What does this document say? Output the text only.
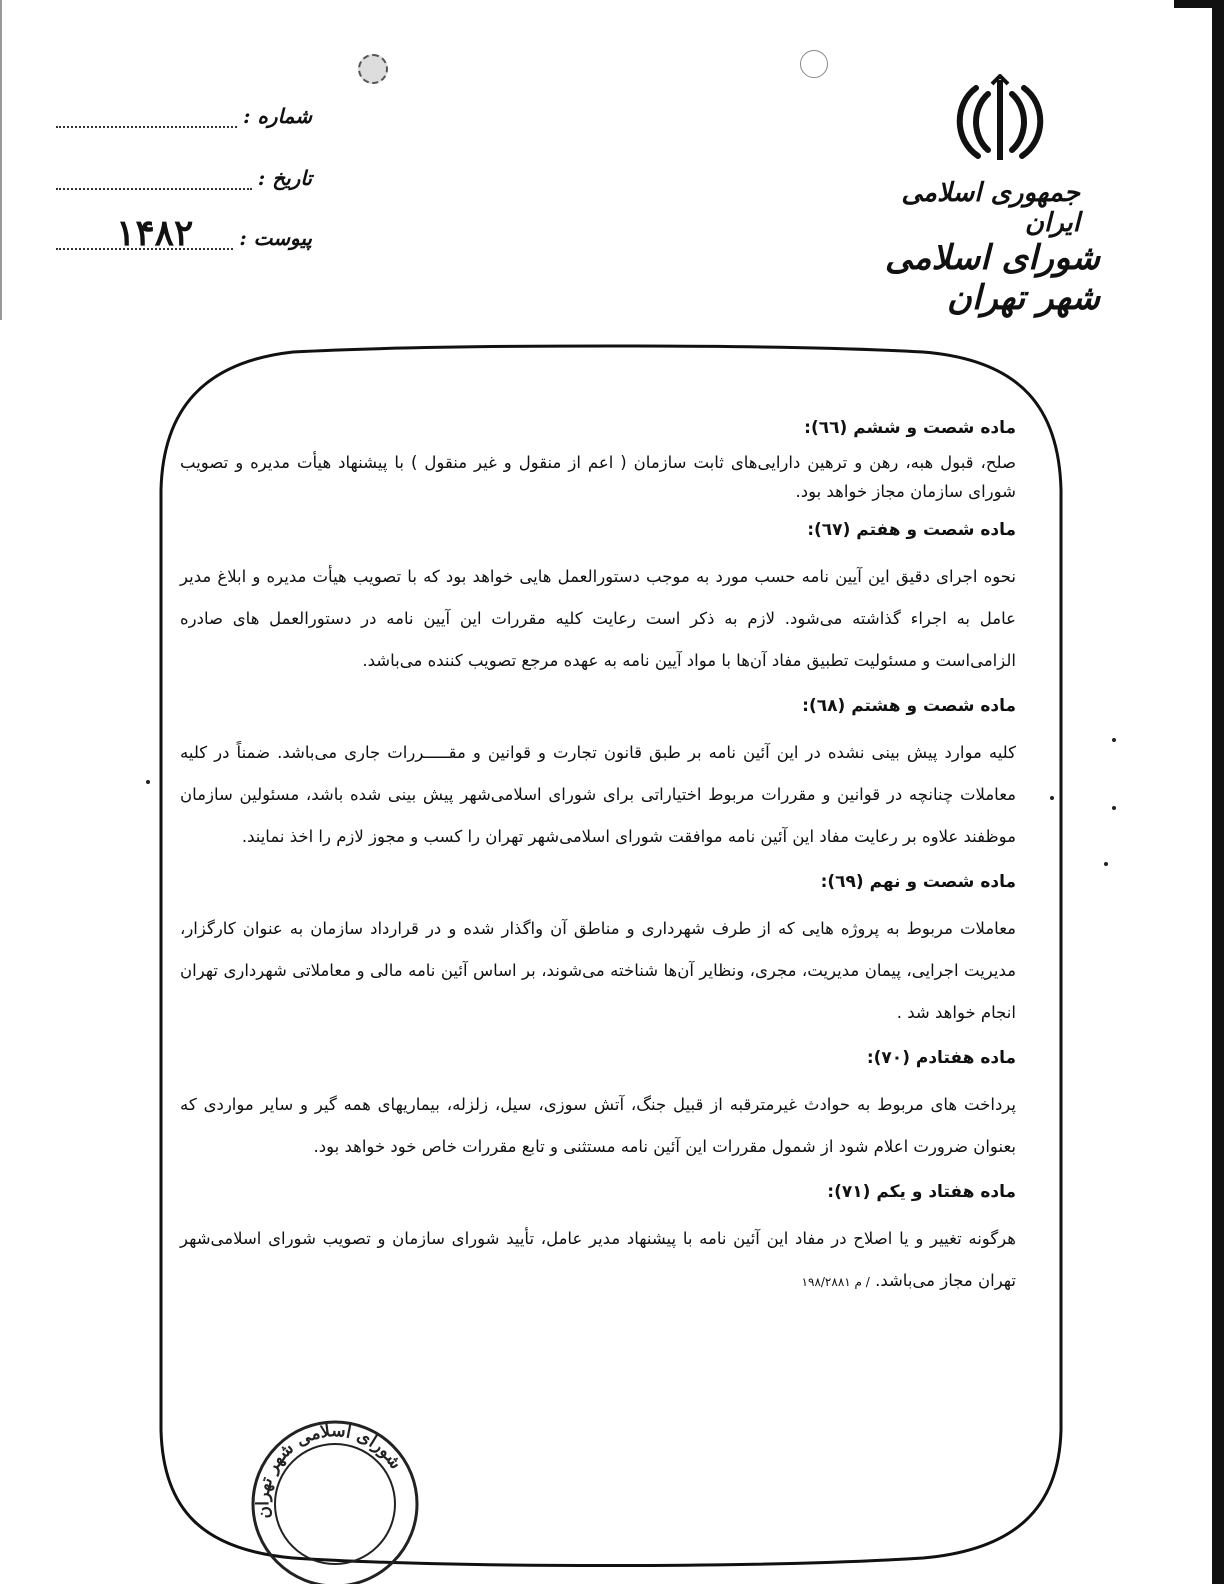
جمهوری اسلامی ایران
شورای اسلامی شهر تهران
شماره :
تاریخ :
پیوست :
۱۴۸۲

ماده شصت و ششم (٦٦):

صلح، قبول هبه، رهن و ترهین دارایی‌های ثابت سازمان ( اعم از منقول و غیر منقول ) با پیشنهاد هیأت مدیره و تصویب شورای سازمان مجاز خواهد بود.

ماده شصت و هفتم (٦٧):

نحوه اجرای دقیق این آیین نامه حسب مورد به موجب دستورالعمل هایی خواهد بود که با تصویب هیأت مدیره و ابلاغ مدیر عامل به اجراء گذاشته می‌شود. لازم به ذکر است رعایت کلیه مقررات این آیین نامه در دستورالعمل های صادره الزامی‌است و مسئولیت تطبیق مفاد آن‌ها با مواد آیین نامه به عهده مرجع تصویب کننده می‌باشد.

ماده شصت و هشتم (٦٨):

کلیه موارد پیش بینی نشده در این آئین نامه بر طبق قانون تجارت و قوانین و مقـــــررات جاری می‌باشد. ضمناً در کلیه معاملات چنانچه در قوانین و مقررات مربوط اختیاراتی برای شورای اسلامی‌شهر پیش بینی شده باشد، مسئولین سازمان موظفند علاوه بر رعایت مفاد این آئین نامه موافقت شورای اسلامی‌شهر تهران را کسب و مجوز لازم را اخذ نمایند.

ماده شصت و نهم (٦٩):

معاملات مربوط به پروژه هایی که از طرف شهرداری و مناطق آن واگذار شده و در قرارداد سازمان به عنوان کارگزار، مدیریت اجرایی، پیمان مدیریت، مجری، ونظایر آن‌ها شناخته می‌شوند، بر اساس آئین نامه مالی و معاملاتی شهرداری تهران انجام خواهد شد .

ماده هفتادم (٧٠):

پرداخت های مربوط به حوادث غیرمترقبه از قبیل جنگ، آتش سوزی، سیل، زلزله، بیماریهای همه گیر و سایر مواردی که بعنوان ضرورت اعلام شود از شمول مقررات این آئین نامه مستثنی و تابع مقررات خاص خود خواهد بود.

ماده هفتاد و یکم (٧١):

هرگونه تغییر و یا اصلاح در مفاد این آئین نامه با پیشنهاد مدیر عامل، تأیید شورای سازمان و تصویب شورای اسلامی‌شهر تهران مجاز می‌باشد. / م ۱۹۸/۲۸۸۱

شورای اسلامی شهر تهران
